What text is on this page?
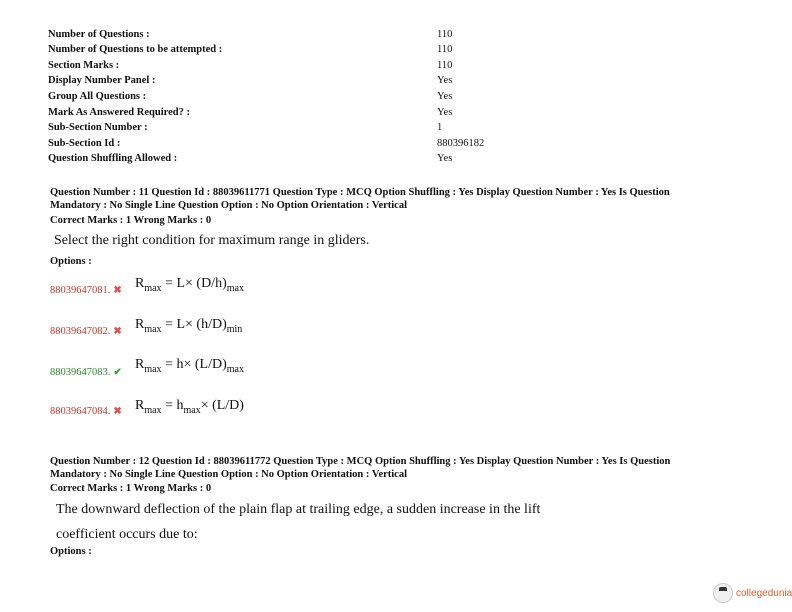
Number of Questions :	110
Number of Questions to be attempted :	110
Section Marks :	110
Display Number Panel :	Yes
Group All Questions :	Yes
Mark As Answered Required? :	Yes
Sub-Section Number :	1
Sub-Section Id :	880396182
Question Shuffling Allowed :	Yes
Question Number : 11 Question Id : 88039611771 Question Type : MCQ Option Shuffling : Yes Display Question Number : Yes Is Question
Mandatory : No Single Line Question Option : No Option Orientation : Vertical
Correct Marks : 1 Wrong Marks : 0
Select the right condition for maximum range in gliders.
Options :
88039647081. ✖ $R_{max} = L\times (D/h)_{max}$
88039647082. ✖ $R_{max} = L\times (h/D)_{min}$
88039647083. ✔
$R_{max} = h\times (L/D)_{max}$
88039647084. ✖ $R_{max} = h_{max}\times (L/D)$
Question Number : 12 Question Id : 88039611772 Question Type : MCQ Option Shuffling : Yes Display Question Number : Yes Is Question
Mandatory : No Single Line Question Option : No Option Orientation : Vertical
Correct Marks : 1 Wrong Marks : 0
The downward deflection of the plain flap at trailing edge, a sudden increase in the lift
coefficient occurs due to:
Options :
collegedunia
